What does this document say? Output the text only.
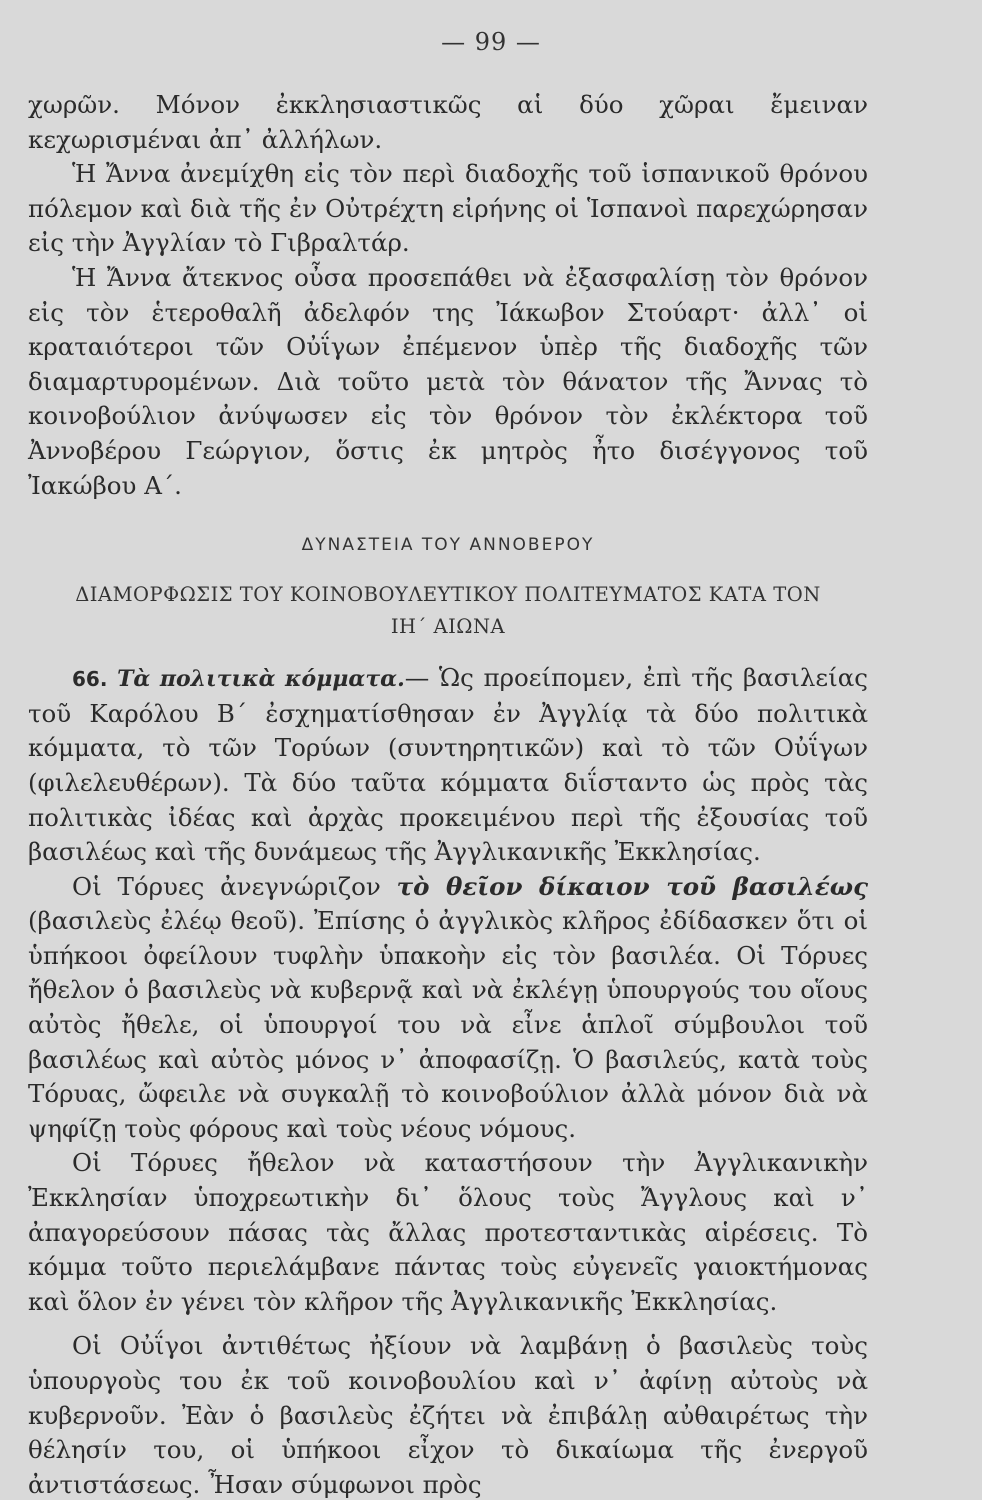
— 99 —

χωρῶν. Μόνον ἐκκλησιαστικῶς αἱ δύο χῶραι ἔμειναν κεχωρισμέναι ἀπ᾽ ἀλλήλων.

Ἡ Ἄννα ἀνεμίχθη εἰς τὸν περὶ διαδοχῆς τοῦ ἱσπανικοῦ θρόνου πόλεμον καὶ διὰ τῆς ἐν Οὐτρέχτη εἰρήνης οἱ Ἱσπανοὶ παρεχώρησαν εἰς τὴν Ἀγγλίαν τὸ Γιβραλτάρ.

Ἡ Ἄννα ἄτεκνος οὖσα προσεπάθει νὰ ἐξασφαλίσῃ τὸν θρόνον εἰς τὸν ἑτεροθαλῆ ἀδελφόν της Ἰάκωβον Στούαρτ· ἀλλ᾽ οἱ κραταιότεροι τῶν Οὐΐγων ἐπέμενον ὑπὲρ τῆς διαδοχῆς τῶν διαμαρτυρομένων. Διὰ τοῦτο μετὰ τὸν θάνατον τῆς Ἄννας τὸ κοινοβούλιον ἀνύψωσεν εἰς τὸν θρόνον τὸν ἐκλέκτορα τοῦ Ἀννοβέρου Γεώργιον, ὅστις ἐκ μητρὸς ἦτο δισέγγονος τοῦ Ἰακώβου Α΄.

ΔΥΝΑΣΤΕΙΑ ΤΟΥ ΑΝΝΟΒΕΡΟΥ
ΔΙΑΜΟΡΦΩΣΙΣ ΤΟΥ ΚΟΙΝΟΒΟΥΛΕΥΤΙΚΟΥ ΠΟΛΙΤΕΥΜΑΤΟΣ ΚΑΤΑ ΤΟΝ
ΙΗ΄ ΑΙΩΝΑ

66. Τὰ πολιτικὰ κόμματα.— Ὡς προείπομεν, ἐπὶ τῆς βασιλείας τοῦ Καρόλου Β΄ ἐσχηματίσθησαν ἐν Ἀγγλίᾳ τὰ δύο πολιτικὰ κόμματα, τὸ τῶν Τορύων (συντηρητικῶν) καὶ τὸ τῶν Οὐΐγων (φιλελευθέρων). Τὰ δύο ταῦτα κόμματα διΐσταντο ὡς πρὸς τὰς πολιτικὰς ἰδέας καὶ ἀρχὰς προκειμένου περὶ τῆς ἐξουσίας τοῦ βασιλέως καὶ τῆς δυνάμεως τῆς Ἀγγλικανικῆς Ἐκκλησίας.

Οἱ Τόρυες ἀνεγνώριζον τὸ θεῖον δίκαιον τοῦ βασιλέως (βασιλεὺς ἐλέῳ θεοῦ). Ἐπίσης ὁ ἀγγλικὸς κλῆρος ἐδίδασκεν ὅτι οἱ ὑπήκοοι ὀφείλουν τυφλὴν ὑπακοὴν εἰς τὸν βασιλέα. Οἱ Τόρυες ἤθελον ὁ βασιλεὺς νὰ κυβερνᾷ καὶ νὰ ἐκλέγῃ ὑπουργούς του οἵους αὐτὸς ἤθελε, οἱ ὑπουργοί του νὰ εἶνε ἁπλοῖ σύμβουλοι τοῦ βασιλέως καὶ αὐτὸς μόνος ν᾽ ἀποφασίζῃ. Ὁ βασιλεύς, κατὰ τοὺς Τόρυας, ὤφειλε νὰ συγκαλῇ τὸ κοινοβούλιον ἀλλὰ μόνον διὰ νὰ ψηφίζῃ τοὺς φόρους καὶ τοὺς νέους νόμους.

Οἱ Τόρυες ἤθελον νὰ καταστήσουν τὴν Ἀγγλικανικὴν Ἐκκλησίαν ὑποχρεωτικὴν δι᾽ ὅλους τοὺς Ἄγγλους καὶ ν᾽ ἀπαγορεύσουν πάσας τὰς ἄλλας προτεσταντικὰς αἱρέσεις. Τὸ κόμμα τοῦτο περιελάμβανε πάντας τοὺς εὐγενεῖς γαιοκτήμονας καὶ ὅλον ἐν γένει τὸν κλῆρον τῆς Ἀγγλικανικῆς Ἐκκλησίας.

Οἱ Οὐΐγοι ἀντιθέτως ἠξίουν νὰ λαμβάνῃ ὁ βασιλεὺς τοὺς ὑπουργοὺς του ἐκ τοῦ κοινοβουλίου καὶ ν᾽ ἀφίνῃ αὐτοὺς νὰ κυβερνοῦν. Ἐὰν ὁ βασιλεὺς ἐζήτει νὰ ἐπιβάλῃ αὐθαιρέτως τὴν θέλησίν του, οἱ ὑπήκοοι εἶχον τὸ δικαίωμα τῆς ἐνεργοῦ ἀντιστάσεως. Ἦσαν σύμφωνοι πρὸς
